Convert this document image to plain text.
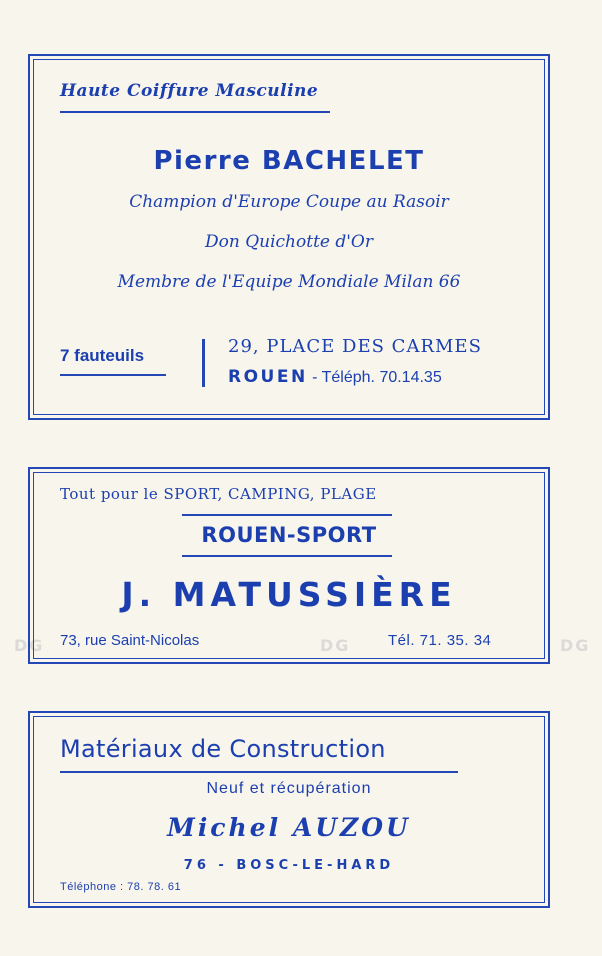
DG	DG	DG
Haute Coiffure Masculine
Pierre BACHELET
Champion d'Europe Coupe au Rasoir
Don Quichotte d'Or
Membre de l'Equipe Mondiale Milan 66
7 fauteuils	29, PLACE DES CARMES
ROUEN - Téléph. 70.14.35
Tout pour le SPORT, CAMPING, PLAGE
ROUEN-SPORT
J. MATUSSIÈRE
73, rue Saint-Nicolas	Tél. 71. 35. 34
Matériaux de Construction
Neuf et récupération
Michel AUZOU
76 - BOSC-LE-HARD
Téléphone : 78. 78. 61
